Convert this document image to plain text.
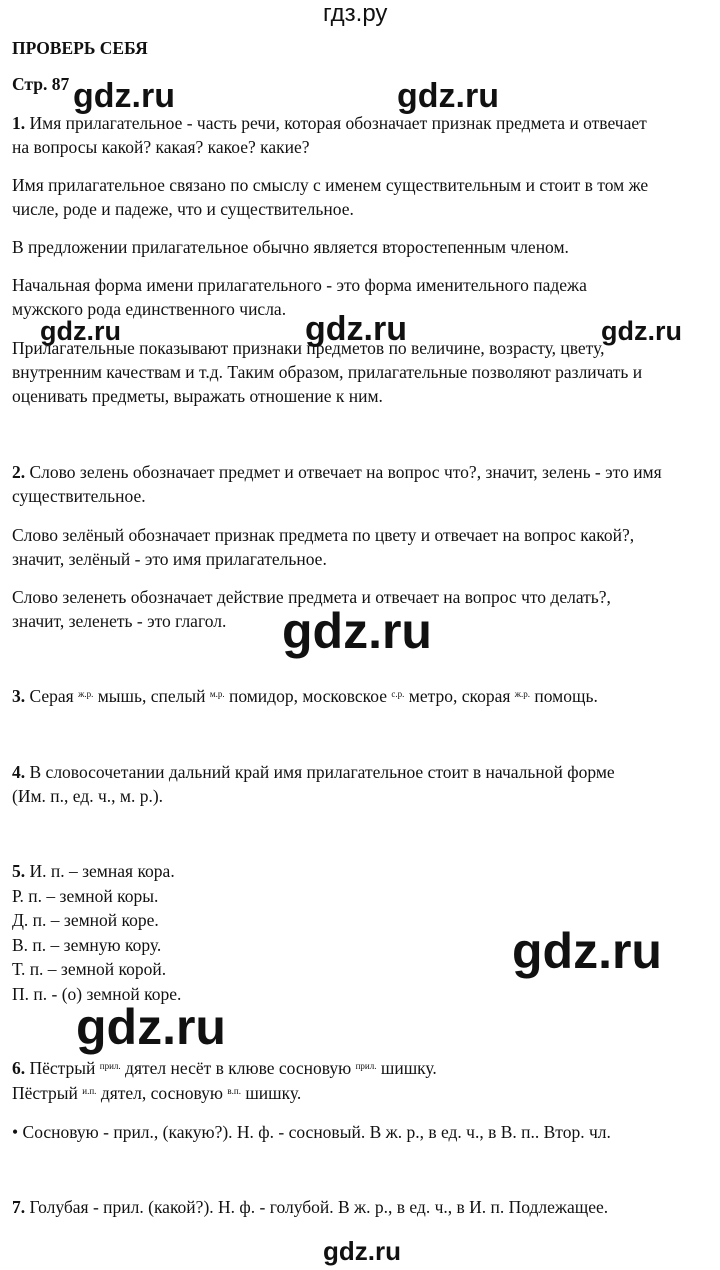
гдз.ру
ПРОВЕРЬ СЕБЯ
Стр. 87 gdz.ru	gdz.ru
gdz.ru	gdz.ru	gdz.ru
gdz.ru
gdz.ru
gdz.ru
gdz.ru
1. Имя прилагательное - часть речи, которая обозначает признак предмета и отвечает
на вопросы какой? какая? какое? какие?
Имя прилагательное связано по смыслу с именем существительным и стоит в том же
числе, роде и падеже, что и существительное.
В предложении прилагательное обычно является второстепенным членом.
Начальная форма имени прилагательного - это форма именительного падежа
мужского рода единственного числа.
Прилагательные показывают признаки предметов по величине, возрасту, цвету,
внутренним качествам и т.д. Таким образом, прилагательные позволяют различать и
оценивать предметы, выражать отношение к ним.
2. Слово зелень обозначает предмет и отвечает на вопрос что?, значит, зелень - это имя
существительное.
Слово зелёный обозначает признак предмета по цвету и отвечает на вопрос какой?,
значит, зелёный - это имя прилагательное.
Слово зеленеть обозначает действие предмета и отвечает на вопрос что делать?,
значит, зеленеть - это глагол.
3. Серая $^{ж.р.}$ мышь, спелый $^{м.р.}$ помидор, московское $^{с.р.}$ метро, скорая $^{ж.р.}$ помощь.
4. В словосочетании дальний край имя прилагательное стоит в начальной форме
(Им. п., ед. ч., м. р.).
5. И. п. – земная кора.
Р. п. – земной коры.
Д. п. – земной коре.
В. п. – земную кору.
Т. п. – земной корой.
П. п. - (о) земной коре.
6. Пёстрый $^{прил.}$ дятел несёт в клюве сосновую $^{прил.}$ шишку.
Пёстрый $^{и.п.}$ дятел, сосновую $^{в.п.}$ шишку.
• Сосновую - прил., (какую?). Н. ф. - сосновый. В ж. р., в ед. ч., в В. п.. Втор. чл.
7. Голубая - прил. (какой?). Н. ф. - голубой. В ж. р., в ед. ч., в И. п. Подлежащее.
